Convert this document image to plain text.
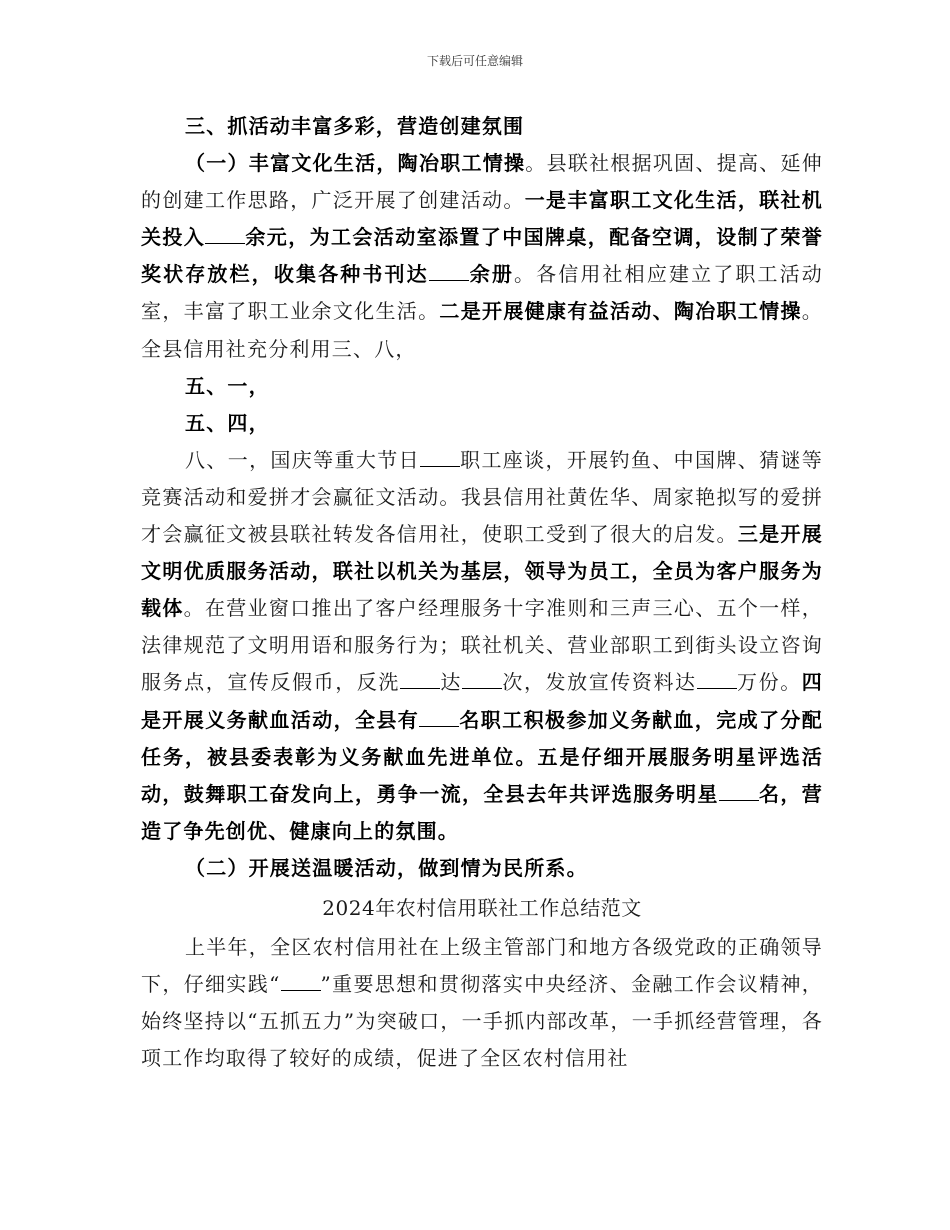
下载后可任意编辑

三、抓活动丰富多彩，营造创建氛围

（一）丰富文化生活，陶冶职工情操。县联社根据巩固、提高、延伸的创建工作思路，广泛开展了创建活动。一是丰富职工文化生活，联社机关投入 余元，为工会活动室添置了中国牌桌，配备空调，设制了荣誉奖状存放栏，收集各种书刊达 余册。各信用社相应建立了职工活动室，丰富了职工业余文化生活。二是开展健康有益活动、陶冶职工情操。全县信用社充分利用三、八，

五、一，

五、四，

八、一，国庆等重大节日 职工座谈，开展钓鱼、中国牌、猜谜等竞赛活动和爱拼才会赢征文活动。我县信用社黄佐华、周家艳拟写的爱拼才会赢征文被县联社转发各信用社，使职工受到了很大的启发。三是开展文明优质服务活动，联社以机关为基层，领导为员工，全员为客户服务为载体。在营业窗口推出了客户经理服务十字准则和三声三心、五个一样，法律规范了文明用语和服务行为；联社机关、营业部职工到街头设立咨询服务点，宣传反假币，反洗 达 次，发放宣传资料达 万份。四是开展义务献血活动，全县有 名职工积极参加义务献血，完成了分配任务，被县委表彰为义务献血先进单位。五是仔细开展服务明星评选活动，鼓舞职工奋发向上，勇争一流，全县去年共评选服务明星 名，营造了争先创优、健康向上的氛围。

（二）开展送温暖活动，做到情为民所系。

2024年农村信用联社工作总结范文

上半年，全区农村信用社在上级主管部门和地方各级党政的正确领导下，仔细实践“ ”重要思想和贯彻落实中央经济、金融工作会议精神，始终坚持以“五抓五力”为突破口，一手抓内部改革，一手抓经营管理，各项工作均取得了较好的成绩，促进了全区农村信用社
